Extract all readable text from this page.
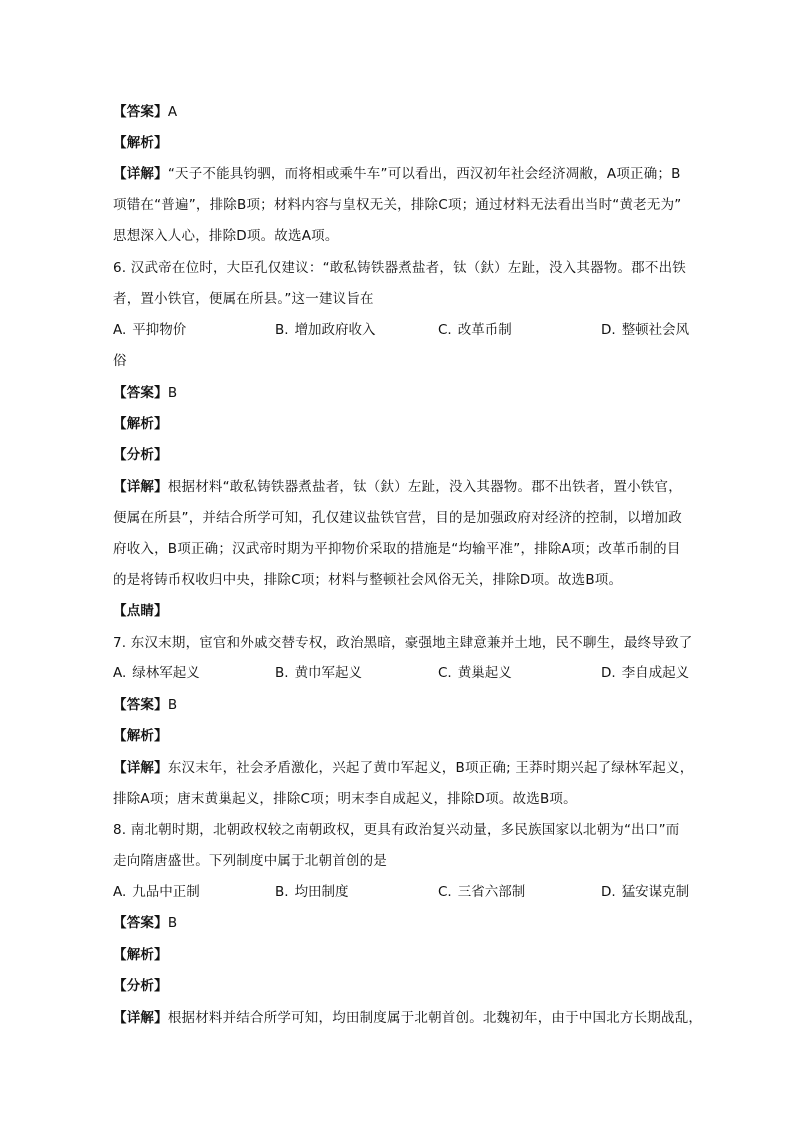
【答案】A
【解析】
【详解】“天子不能具钧驷，而将相或乘牛车”可以看出，西汉初年社会经济凋敝，A项正确；B
项错在“普遍”，排除B项；材料内容与皇权无关，排除C项；通过材料无法看出当时“黄老无为”
思想深入人心，排除D项。故选A项。
6. 汉武帝在位时，大臣孔仅建议：“敢私铸铁器煮盐者，钛（釱）左趾，没入其器物。郡不出铁
者，置小铁官，便属在所县。”这一建议旨在
A. 平抑物价	B. 增加政府收入	C. 改革币制	D. 整顿社会风
俗
【答案】B
【解析】
【分析】
【详解】根据材料“敢私铸铁器煮盐者，钛（釱）左趾，没入其器物。郡不出铁者，置小铁官，
便属在所县”，并结合所学可知，孔仅建议盐铁官营，目的是加强政府对经济的控制，以增加政
府收入，B项正确；汉武帝时期为平抑物价采取的措施是“均输平准”，排除A项；改革币制的目
的是将铸币权收归中央，排除C项；材料与整顿社会风俗无关，排除D项。故选B项。
【点睛】
7. 东汉末期，宦官和外戚交替专权，政治黑暗，豪强地主肆意兼并土地，民不聊生，最终导致了
A. 绿林军起义	B. 黄巾军起义	C. 黄巢起义	D. 李自成起义
【答案】B
【解析】
【详解】东汉末年，社会矛盾激化，兴起了黄巾军起义，B项正确; 王莽时期兴起了绿林军起义，
排除A项；唐末黄巢起义，排除C项；明末李自成起义，排除D项。故选B项。
8. 南北朝时期，北朝政权较之南朝政权，更具有政治复兴动量，多民族国家以北朝为“出口”而
走向隋唐盛世。下列制度中属于北朝首创的是
A. 九品中正制	B. 均田制度	C. 三省六部制	D. 猛安谋克制
【答案】B
【解析】
【分析】
【详解】根据材料并结合所学可知，均田制度属于北朝首创。北魏初年，由于中国北方长期战乱，
